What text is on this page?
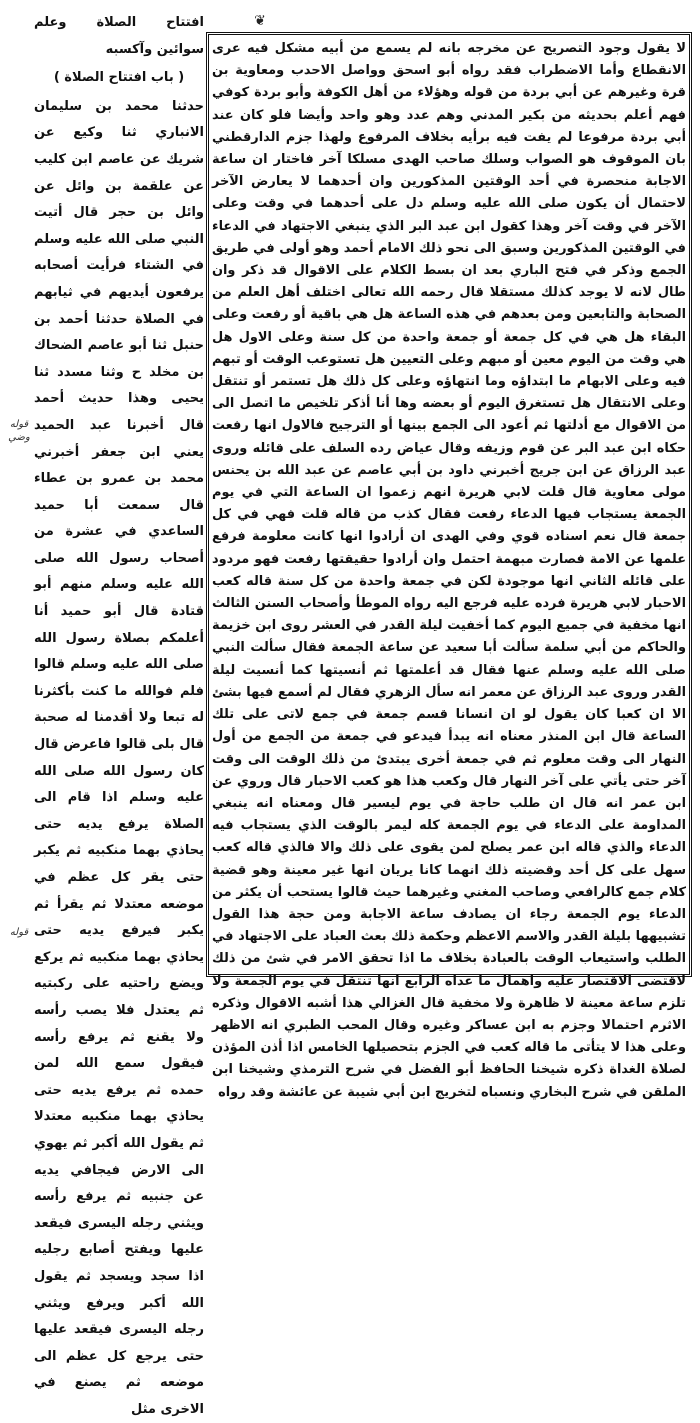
❦

لا يقول وجود التصريح عن مخرجه بانه لم يسمع من أبيه مشكل فيه عرى الانقطاع وأما الاضطراب فقد رواه أبو اسحق وواصل الاحدب ومعاوية بن قرة وغيرهم عن أبي بردة من قوله وهؤلاء من أهل الكوفة وأبو بردة كوفي فهم أعلم بحديثه من بكير المدني وهم عدد وهو واحد وأيضا فلو كان عند أبي بردة مرفوعا لم يفت فيه برأيه بخلاف المرفوع ولهذا جزم الدارقطني بان الموقوف هو الصواب وسلك صاحب الهدى مسلكا آخر فاختار ان ساعة الاجابة منحصرة في أحد الوقتين المذكورين وان أحدهما لا يعارض الآخر لاحتمال أن يكون صلى الله عليه وسلم دل على أحدهما في وقت وعلى الآخر في وقت آخر وهذا كقول ابن عبد البر الذي ينبغي الاجتهاد في الدعاء في الوقتين المذكورين وسبق الى نحو ذلك الامام أحمد وهو أولى في طريق الجمع وذكر في فتح الباري بعد ان بسط الكلام على الاقوال قد ذكر وان طال لانه لا يوجد كذلك مستقلا قال رحمه الله تعالى اختلف أهل العلم من الصحابة والتابعين ومن بعدهم في هذه الساعة هل هي باقية أو رفعت وعلى البقاء هل هي في كل جمعة أو جمعة واحدة من كل سنة وعلى الاول هل هي وقت من اليوم معين أو مبهم وعلى التعيين هل تستوعب الوقت أو تبهم فيه وعلى الابهام ما ابتداؤه وما انتهاؤه وعلى كل ذلك هل تستمر أو تنتقل وعلى الانتقال هل تستغرق اليوم أو بعضه وها أنا أذكر تلخيص ما اتصل الى من الاقوال مع أدلتها ثم أعود الى الجمع بينها أو الترجيح فالاول انها رفعت حكاه ابن عبد البر عن قوم وزيفه وقال عياض رده السلف على قائله وروى عبد الرزاق عن ابن جريج أخبرني داود بن أبي عاصم عن عبد الله بن يحنس مولى معاوية قال قلت لابي هريرة انهم زعموا ان الساعة التي في يوم الجمعة يستجاب فيها الدعاء رفعت فقال كذب من قاله قلت فهي في كل جمعة قال نعم اسناده قوي وفي الهدى ان أرادوا انها كانت معلومة فرفع علمها عن الامة فصارت مبهمة احتمل وان أرادوا حقيقتها رفعت فهو مردود على قائله الثاني انها موجودة لكن في جمعة واحدة من كل سنة قاله كعب الاحبار لابي هريرة فرده عليه فرجع اليه رواه الموطأ وأصحاب السنن الثالث انها مخفية في جميع اليوم كما أخفيت ليلة القدر في العشر روى ابن خزيمة والحاكم من أبي سلمة سألت أبا سعيد عن ساعة الجمعة فقال سألت النبي صلى الله عليه وسلم عنها فقال قد أعلمتها ثم أنسيتها كما أنسيت ليلة القدر وروى عبد الرزاق عن معمر انه سأل الزهري فقال لم أسمع فيها بشئ الا ان كعبا كان يقول لو ان انسانا قسم جمعة في جمع لاتى على تلك الساعة قال ابن المنذر معناه انه يبدأ فيدعو في جمعة من الجمع من أول النهار الى وقت معلوم ثم في جمعة أخرى يبتدئ من ذلك الوقت الى وقت آخر حتى يأتي على آخر النهار قال وكعب هذا هو كعب الاحبار قال وروي عن ابن عمر انه قال ان طلب حاجة في يوم ليسير قال ومعناه انه ينبغي المداومة على الدعاء في يوم الجمعة كله ليمر بالوقت الذي يستجاب فيه الدعاء والذي قاله ابن عمر يصلح لمن يقوى على ذلك والا فالذي قاله كعب سهل على كل أحد وقضيته ذلك انهما كانا يريان انها غير معينة وهو قضية كلام جمع كالرافعي وصاحب المغني وغيرهما حيث قالوا يستحب أن يكثر من الدعاء يوم الجمعة رجاء ان يصادف ساعة الاجابة ومن حجة هذا القول تشبيهها بليلة القدر والاسم الاعظم وحكمة ذلك بعث العباد على الاجتهاد في الطلب واستيعاب الوقت بالعبادة بخلاف ما اذا تحقق الامر في شئ من ذلك لاقتضى الاقتصار عليه واهمال ما عداه الرابع انها تنتقل في يوم الجمعة ولا تلزم ساعة معينة لا ظاهرة ولا مخفية قال الغزالي هذا أشبه الاقوال وذكره الاثرم احتمالا وجزم به ابن عساكر وغيره وقال المحب الطبري انه الاظهر وعلى هذا لا يتأتى ما قاله كعب في الجزم بتحصيلها الخامس اذا أذن المؤذن لصلاة الغداة ذكره شيخنا الحافظ أبو الفضل في شرح الترمذي وشيخنا ابن الملقن في شرح البخاري ونسباه لتخريج ابن أبي شيبة عن عائشة وقد رواه

افتتاح الصلاة وعلم سوائين وآكسبه

( باب افتتاح الصلاة )

حدثنا محمد بن سليمان الانباري ثنا وكيع عن شريك عن عاصم ابن كليب عن علقمة بن وائل عن وائل بن حجر قال أتيت النبي صلى الله عليه وسلم في الشتاء فرأيت أصحابه يرفعون أيديهم في ثيابهم في الصلاة حدثنا أحمد بن حنبل ثنا أبو عاصم الضحاك بن مخلد ح وثنا مسدد ثنا يحيى وهذا حديث أحمد قال أخبرنا عبد الحميد يعني ابن جعفر أخبرني محمد بن عمرو بن عطاء قال سمعت أبا حميد الساعدي في عشرة من أصحاب رسول الله صلى الله عليه وسلم منهم أبو قتادة قال أبو حميد أنا أعلمكم بصلاة رسول الله صلى الله عليه وسلم قالوا فلم فوالله ما كنت بأكثرنا له تبعا ولا أقدمنا له صحبة قال بلى قالوا فاعرض قال كان رسول الله صلى الله عليه وسلم اذا قام الى الصلاة يرفع يديه حتى يحاذي بهما منكبيه ثم يكبر حتى يقر كل عظم في موضعه معتدلا ثم يقرأ ثم يكبر فيرفع يديه حتى يحاذي بهما منكبيه ثم يركع ويضع راحتيه على ركبتيه ثم يعتدل فلا يصب رأسه ولا يقنع ثم يرفع رأسه فيقول سمع الله لمن حمده ثم يرفع يديه حتى يحاذي بهما منكبيه معتدلا ثم يقول الله أكبر ثم يهوي الى الارض فيجافي يديه عن جنبيه ثم يرفع رأسه ويثني رجله اليسرى فيقعد عليها ويفتح أصابع رجليه اذا سجد ويسجد ثم يقول الله أكبر ويرفع ويثني رجله اليسرى فيقعد عليها حتى يرجع كل عظم الى موضعه ثم يصنع في الاخرى مثل

قوله وضي
قوله
